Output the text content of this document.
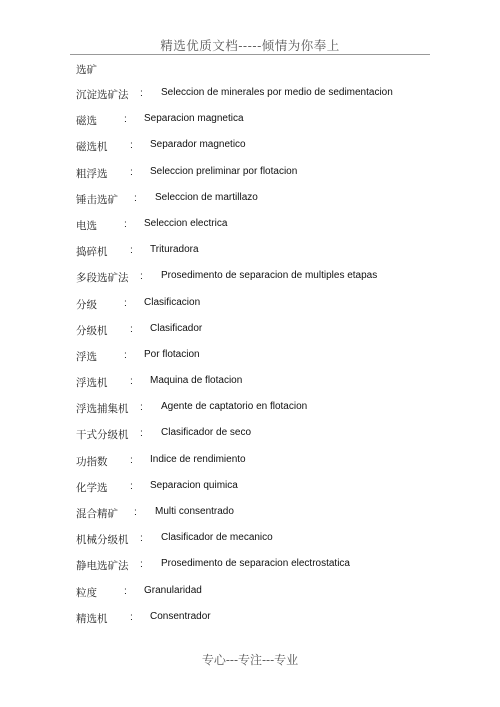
精选优质文档-----倾情为你奉上
选矿
沉淀选矿法 : Seleccion de minerales por medio de sedimentacion
磁选	: Separacion magnetica
磁选机 : Separador magnetico
粗浮选 : Seleccion preliminar por flotacion
锤击选矿 : Seleccion de martillazo
电选	: Seleccion electrica
捣碎机 : Trituradora
多段选矿法 : Prosedimento de separacion de multiples etapas
分级	: Clasificacion
分级机 : Clasificador
浮选	: Por flotacion
浮选机 : Maquina de flotacion
浮选捕集机 : Agente de captatorio en flotacion
干式分级机 : Clasificador de seco
功指数 : Indice de rendimiento
化学选 : Separacion quimica
混合精矿 : Multi consentrado
机械分级机 : Clasificador de mecanico
静电选矿法 : Prosedimento de separacion electrostatica
粒度	: Granularidad
精选机 : Consentrador
专心---专注---专业
